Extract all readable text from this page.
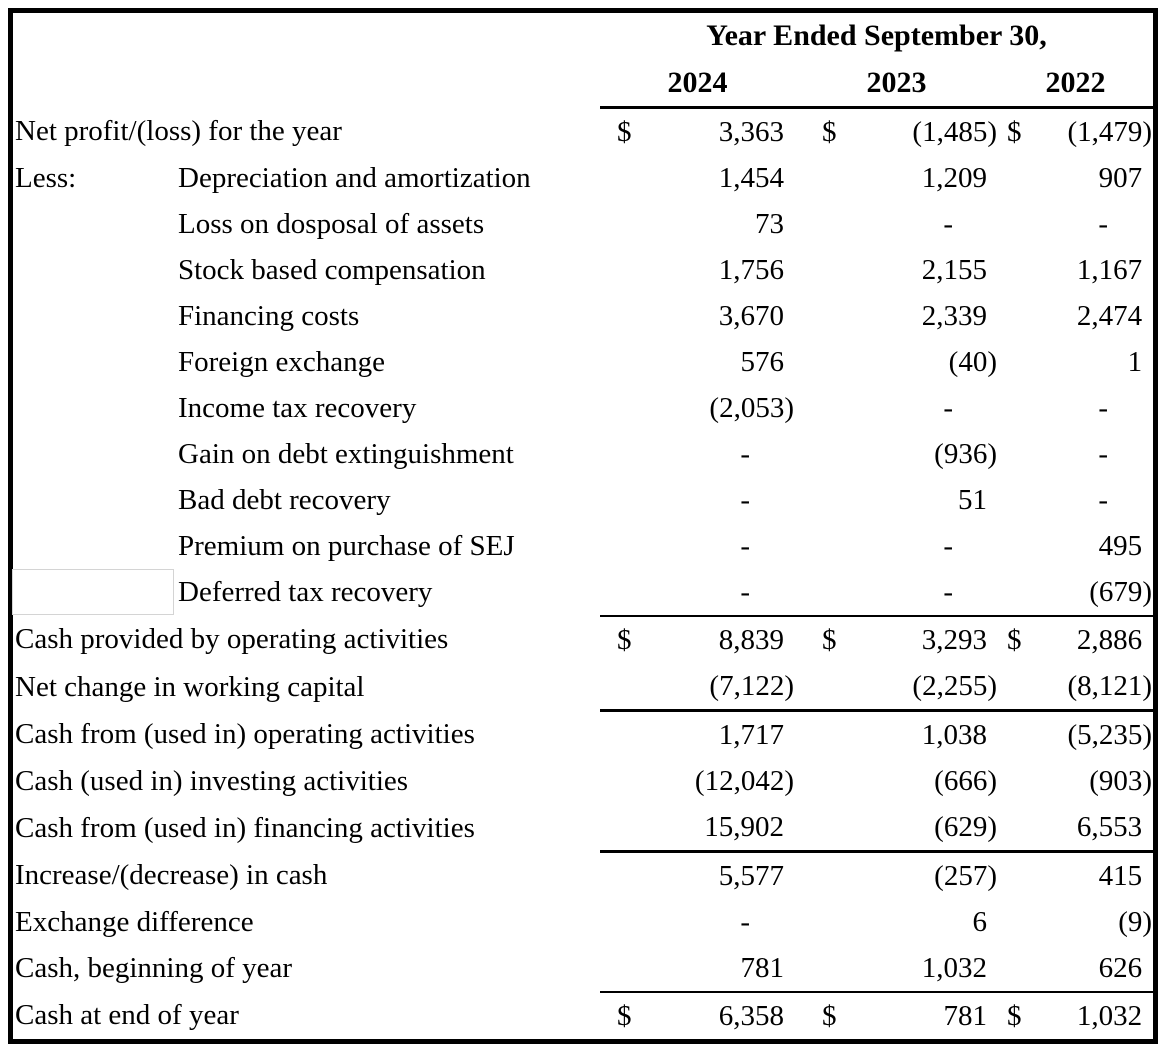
		Year Ended September 30,					
		2024		2023		2022	
Net profit/(loss) for the year		$	3,363	$	(1,485)	$	(1,479)
Less:	Depreciation and amortization		1,454		1,209		907
	Loss on dosposal of assets		73		-		-
	Stock based compensation		1,756		2,155		1,167
	Financing costs		3,670		2,339		2,474
	Foreign exchange		576		(40)		1
	Income tax recovery		(2,053)		-		-
	Gain on debt extinguishment		-		(936)		-
	Bad debt recovery		-		51		-
	Premium on purchase of SEJ		-		-		495

	Deferred tax recovery		-		-		(679)
Cash provided by operating activities		$	8,839	$	3,293	$	2,886
Net change in working capital			(7,122)		(2,255)		(8,121)
Cash from (used in) operating activities			1,717		1,038		(5,235)
Cash (used in) investing activities			(12,042)		(666)		(903)
Cash from (used in) financing activities			15,902		(629)		6,553
Increase/(decrease) in cash			5,577		(257)		415
Exchange difference			-		6		(9)
Cash, beginning of year			781		1,032		626
Cash at end of year		$	6,358	$	781	$	1,032
